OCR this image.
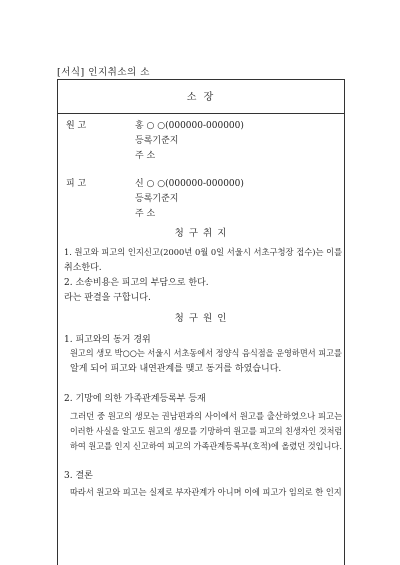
[서식] 인지취소의 소
소 장
원 고	홍 ○ ○(000000-000000)
등록기준지
주 소
피 고	신 ○ ○(000000-000000)
등록기준지
주 소
청 구 취 지
1. 원고와 피고의 인지신고(2000년 0월 0일 서울시 서초구청장 접수)는 이를
취소한다.
2. 소송비용은 피고의 부담으로 한다.
라는 판결을 구합니다.
청 구 원 인
1. 피고와의 동거 경위
원고의 생모 박○○는 서울시 서초동에서 정양식 음식점을 운영하면서 피고를
알게 되어 피고와 내연관계를 맺고 동거를 하였습니다.
2. 기망에 의한 가족관계등록부 등재
그러던 중 원고의 생모는 권남편과의 사이에서 원고를 출산하였으나 피고는
이러한 사실을 알고도 원고의 생모를 기망하여 원고를 피고의 친생자인 것처럼
하여 원고를 인지 신고하여 피고의 가족관계등록부(호적)에 올렸던 것입니다.
3. 결론
따라서 원고와 피고는 실제로 부자관계가 아니며 이에 피고가 임의로 한 인지
